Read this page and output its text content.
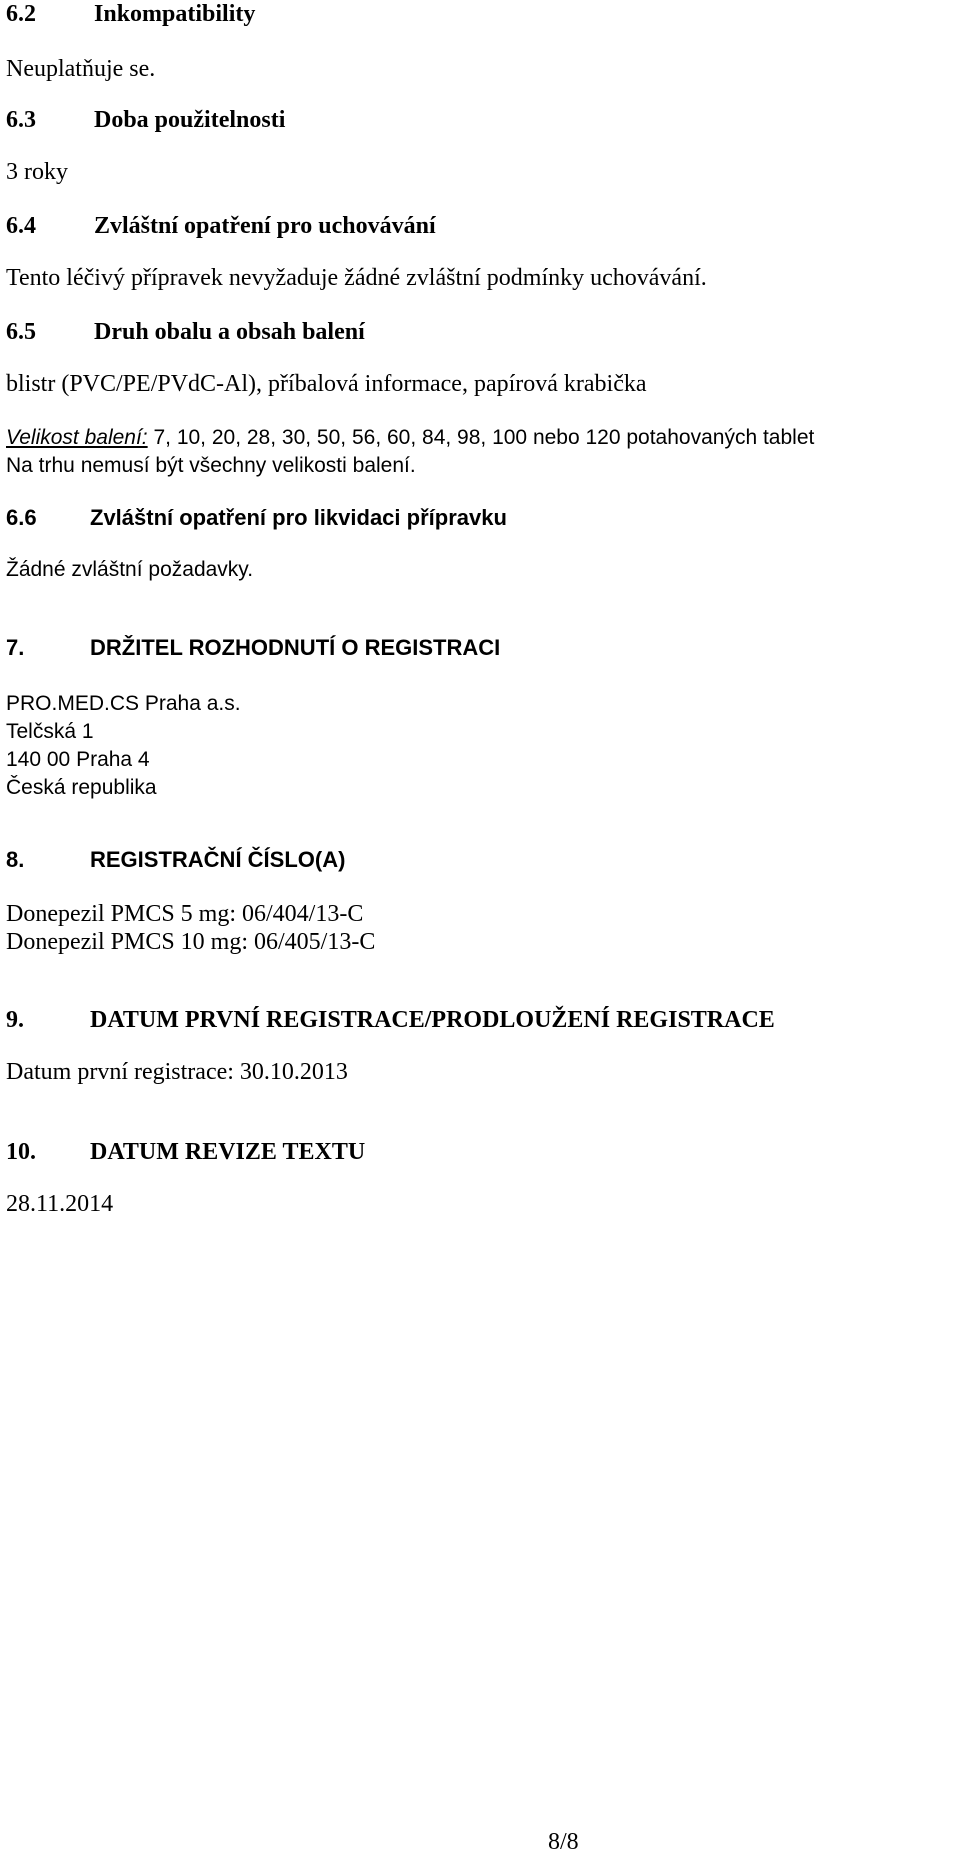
6.2 Inkompatibility
Neuplatňuje se.
6.3 Doba použitelnosti
3 roky
6.4 Zvláštní opatření pro uchovávání
Tento léčivý přípravek nevyžaduje žádné zvláštní podmínky uchovávání.
6.5 Druh obalu a obsah balení
blistr (PVC/PE/PVdC-Al), příbalová informace, papírová krabička
Velikost balení: 7, 10, 20, 28, 30, 50, 56, 60, 84, 98, 100 nebo 120 potahovaných tablet
Na trhu nemusí být všechny velikosti balení.
6.6 Zvláštní opatření pro likvidaci přípravku
Žádné zvláštní požadavky.
7.	DRŽITEL ROZHODNUTÍ O REGISTRACI
PRO.MED.CS Praha a.s.
Telčská 1
140 00 Praha 4
Česká republika
8.	REGISTRAČNÍ ČÍSLO(A)
Donepezil PMCS 5 mg: 06/404/13-C
Donepezil PMCS 10 mg: 06/405/13-C
9.	DATUM PRVNÍ REGISTRACE/PRODLOUŽENÍ REGISTRACE
Datum první registrace: 30.10.2013
10. DATUM REVIZE TEXTU
28.11.2014
8/8
